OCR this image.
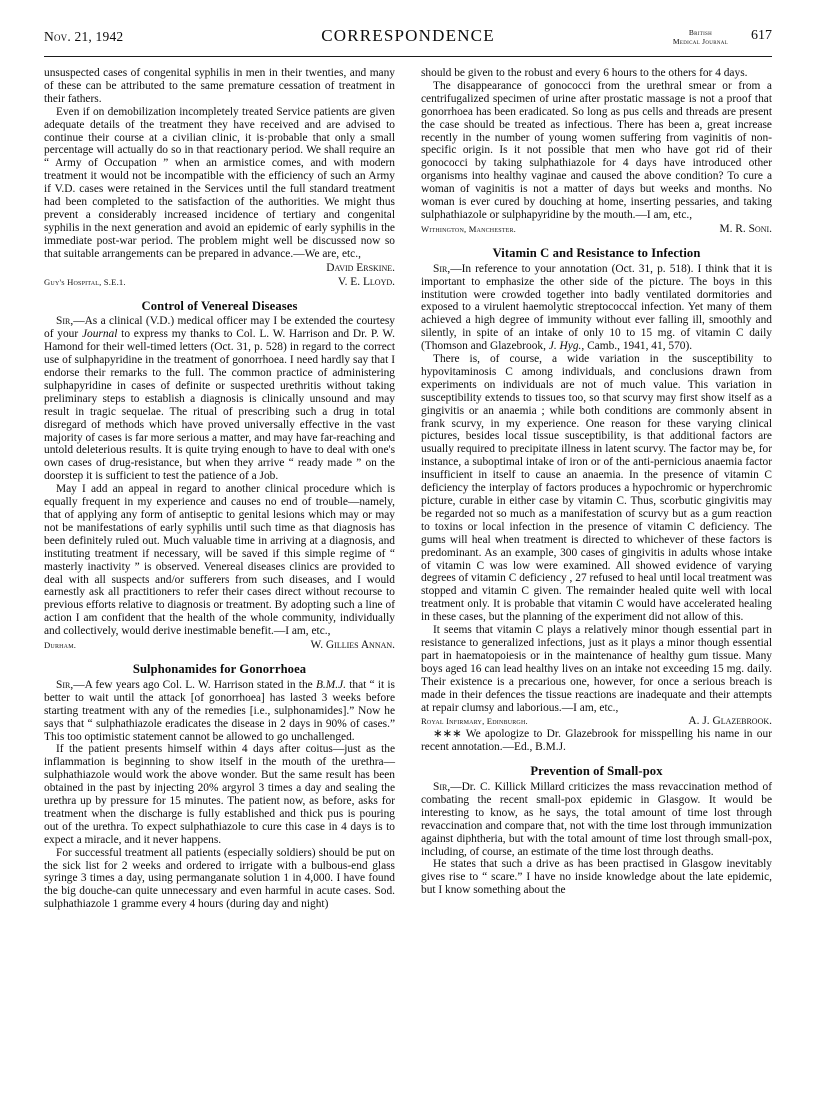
Nov. 21, 1942	CORRESPONDENCE	British
Medical Journal 617

unsuspected cases of congenital syphilis in men in their twenties, and many of these can be attributed to the same premature cessation of treatment in their fathers.

Even if on demobilization incompletely treated Service patients are given adequate details of the treatment they have received and are advised to continue their course at a civilian clinic, it is·probable that only a small percentage will actually do so in that reactionary period. We shall require an “ Army of Occupation ” when an armistice comes, and with modern treatment it would not be incompatible with the efficiency of such an Army if V.D. cases were retained in the Services until the full standard treatment had been completed to the satisfaction of the authorities. We might thus prevent a considerably increased incidence of tertiary and congenital syphilis in the next generation and avoid an epidemic of early syphilis in the immediate post-war period. The problem might well be discussed now so that suitable arrangements can be prepared in advance.—We are, etc.,

David Erskine.
Guy's Hospital, S.E.1.	V. E. Lloyd.
Control of Venereal Diseases

Sir,—As a clinical (V.D.) medical officer may I be extended the courtesy of your Journal to express my thanks to Col. L. W. Harrison and Dr. P. W. Hamond for their well-timed letters (Oct. 31, p. 528) in regard to the correct use of sulphapyridine in the treatment of gonorrhoea. I need hardly say that I endorse their remarks to the full. The common practice of administering sulphapyridine in cases of definite or suspected urethritis without taking preliminary steps to establish a diagnosis is clinically unsound and may result in tragic sequelae. The ritual of prescribing such a drug in total disregard of methods which have proved universally effective in the vast majority of cases is far more serious a matter, and may have far-reaching and untold deleterious results. It is quite trying enough to have to deal with one's own cases of drug-resistance, but when they arrive “ ready made ” on the doorstep it is sufficient to test the patience of a Job.

May I add an appeal in regard to another clinical procedure which is equally frequent in my experience and causes no end of trouble—namely, that of applying any form of antiseptic to genital lesions which may or may not be manifestations of early syphilis until such time as that diagnosis has been definitely ruled out. Much valuable time in arriving at a diagnosis, and instituting treatment if necessary, will be saved if this simple regime of “ masterly inactivity ” is observed. Venereal diseases clinics are provided to deal with all suspects and/or sufferers from such diseases, and I would earnestly ask all practitioners to refer their cases direct without recourse to previous efforts relative to diagnosis or treatment. By adopting such a line of action I am confident that the health of the whole community, individually and collectively, would derive inestimable benefit.—I am, etc.,

Durham.	W. Gillies Annan.
Sulphonamides for Gonorrhoea

Sir,—A few years ago Col. L. W. Harrison stated in the B.M.J. that “ it is better to wait until the attack [of gonorrhoea] has lasted 3 weeks before starting treatment with any of the remedies [i.e., sulphonamides].” Now he says that “ sulphathiazole eradicates the disease in 2 days in 90% of cases.” This too optimistic statement cannot be allowed to go unchallenged.

If the patient presents himself within 4 days after coitus—just as the inflammation is beginning to show itself in the mouth of the urethra—sulphathiazole would work the above wonder. But the same result has been obtained in the past by injecting 20% argyrol 3 times a day and sealing the urethra up by pressure for 15 minutes. The patient now, as before, asks for treatment when the discharge is fully established and thick pus is pouring out of the urethra. To expect sulphathiazole to cure this case in 4 days is to expect a miracle, and it never happens.

For successful treatment all patients (especially soldiers) should be put on the sick list for 2 weeks and ordered to irrigate with a bulbous-end glass syringe 3 times a day, using permanganate solution 1 in 4,000. I have found the big douche-can quite unnecessary and even harmful in acute cases. Sod. sulphathiazole 1 gramme every 4 hours (during day and night)

should be given to the robust and every 6 hours to the others for 4 days.

The disappearance of gonococci from the urethral smear or from a centrifugalized specimen of urine after prostatic massage is not a proof that gonorrhoea has been eradicated. So long as pus cells and threads are present the case should be treated as infectious. There has been a, great increase recently in the number of young women suffering from vaginitis of non-specific origin. Is it not possible that men who have got rid of their gonococci by taking sulphathiazole for 4 days have introduced other organisms into healthy vaginae and caused the above condition? To cure a woman of vaginitis is not a matter of days but weeks and months. No woman is ever cured by douching at home, inserting pessaries, and taking sulphathiazole or sulphapyridine by the mouth.—I am, etc.,

Withington, Manchester.	M. R. Soni.
Vitamin C and Resistance to Infection

Sir,—In reference to your annotation (Oct. 31, p. 518). I think that it is important to emphasize the other side of the picture. The boys in this institution were crowded together into badly ventilated dormitories and exposed to a virulent haemolytic streptococcal infection. Yet many of them achieved a high degree of immunity without ever falling ill, smoothly and silently, in spite of an intake of only 10 to 15 mg. of vitamin C daily (Thomson and Glazebrook, J. Hyg., Camb., 1941, 41, 570).

There is, of course, a wide variation in the susceptibility to hypovitaminosis C among individuals, and conclusions drawn from experiments on individuals are not of much value. This variation in susceptibility extends to tissues too, so that scurvy may first show itself as a gingivitis or an anaemia ; while both conditions are commonly absent in frank scurvy, in my experience. One reason for these varying clinical pictures, besides local tissue susceptibility, is that additional factors are usually required to precipitate illness in latent scurvy. The factor may be, for instance, a suboptimal intake of iron or of the anti-pernicious anaemia factor insufficient in itself to cause an anaemia. In the presence of vitamin C deficiency the interplay of factors produces a hypochromic or hyperchromic picture, curable in either case by vitamin C. Thus, scorbutic gingivitis may be regarded not so much as a manifestation of scurvy but as a gum reaction to toxins or local infection in the presence of vitamin C deficiency. The gums will heal when treatment is directed to whichever of these factors is predominant. As an example, 300 cases of gingivitis in adults whose intake of vitamin C was low were examined. All showed evidence of varying degrees of vitamin C deficiency , 27 refused to heal until local treatment was stopped and vitamin C given. The remainder healed quite well with local treatment only. It is probable that vitamin C would have accelerated healing in these cases, but the planning of the experiment did not allow of this.

It seems that vitamin C plays a relatively minor though essential part in resistance to generalized infections, just as it plays a minor though essential part in haematopoiesis or in the maintenance of healthy gum tissue. Many boys aged 16 can lead healthy lives on an intake not exceeding 15 mg. daily. Their existence is a precarious one, however, for once a serious breach is made in their defences the tissue reactions are inadequate and their attempts at repair clumsy and laborious.—I am, etc.,

Royal Infirmary, Edinburgh.	A. J. Glazebrook.

∗∗∗ We apologize to Dr. Glazebrook for misspelling his name in our recent annotation.—Ed., B.M.J.

Prevention of Small-pox

Sir,—Dr. C. Killick Millard criticizes the mass revaccination method of combating the recent small-pox epidemic in Glasgow. It would be interesting to know, as he says, the total amount of time lost through revaccination and compare that, not with the time lost through immunization against diphtheria, but with the total amount of time lost through small-pox, including, of course, an estimate of the time lost through deaths.

He states that such a drive as has been practised in Glasgow inevitably gives rise to “ scare.” I have no inside knowledge about the late epidemic, but I know something about the
